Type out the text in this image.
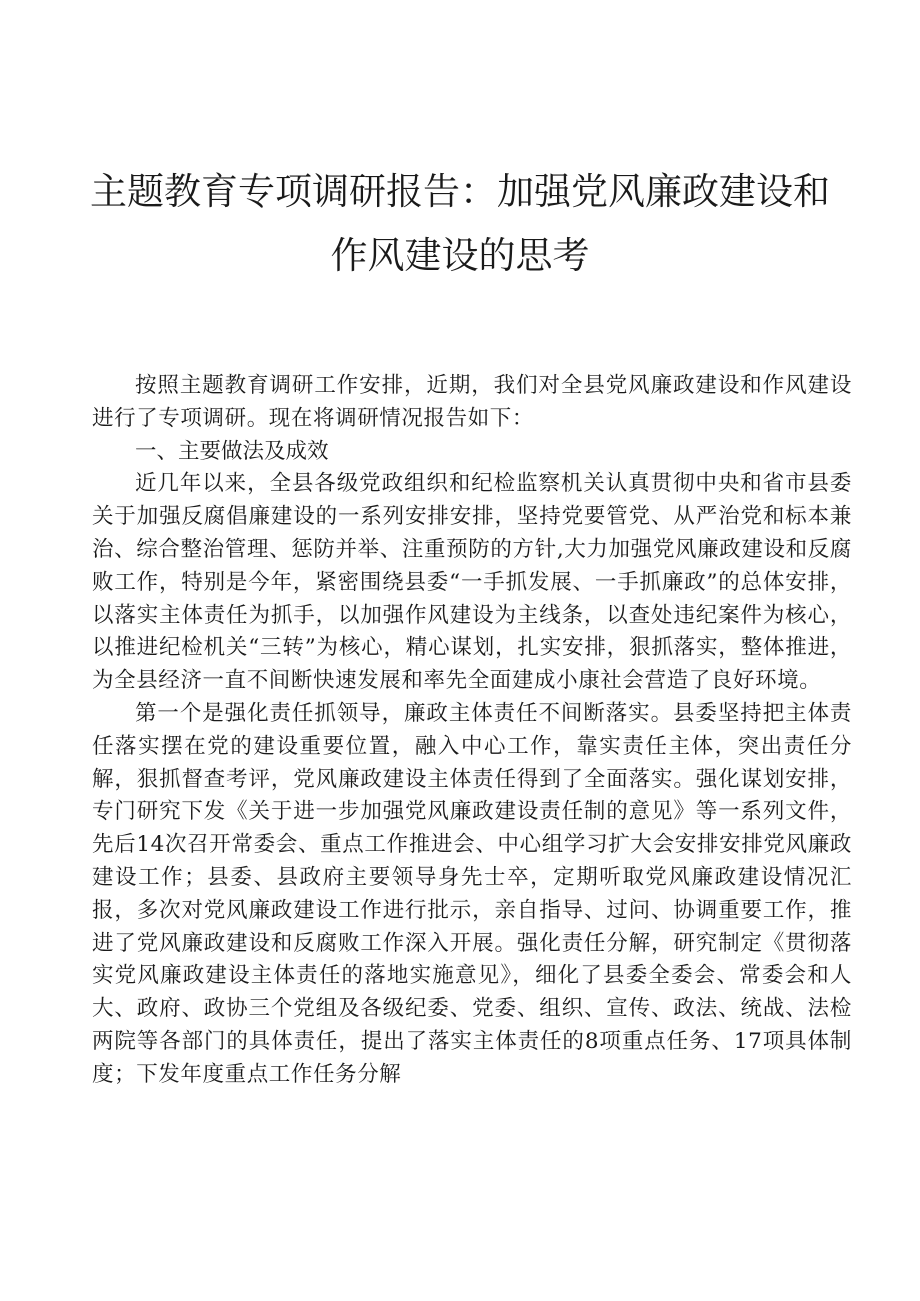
主题教育专项调研报告：加强党风廉政建设和作风建设的思考

按照主题教育调研工作安排，近期，我们对全县党风廉政建设和作风建设进行了专项调研。现在将调研情况报告如下：

一、主要做法及成效

近几年以来，全县各级党政组织和纪检监察机关认真贯彻中央和省市县委关于加强反腐倡廉建设的一系列安排安排，坚持党要管党、从严治党和标本兼治、综合整治管理、惩防并举、注重预防的方针,大力加强党风廉政建设和反腐败工作，特别是今年，紧密围绕县委“一手抓发展、一手抓廉政”的总体安排，以落实主体责任为抓手，以加强作风建设为主线条，以查处违纪案件为核心，以推进纪检机关“三转”为核心，精心谋划，扎实安排，狠抓落实，整体推进，为全县经济一直不间断快速发展和率先全面建成小康社会营造了良好环境。

第一个是强化责任抓领导，廉政主体责任不间断落实。县委坚持把主体责任落实摆在党的建设重要位置，融入中心工作，靠实责任主体，突出责任分解，狠抓督查考评，党风廉政建设主体责任得到了全面落实。强化谋划安排，专门研究下发《关于进一步加强党风廉政建设责任制的意见》等一系列文件，先后14次召开常委会、重点工作推进会、中心组学习扩大会安排安排党风廉政建设工作；县委、县政府主要领导身先士卒，定期听取党风廉政建设情况汇报，多次对党风廉政建设工作进行批示，亲自指导、过问、协调重要工作，推进了党风廉政建设和反腐败工作深入开展。强化责任分解，研究制定《贯彻落实党风廉政建设主体责任的落地实施意见》，细化了县委全委会、常委会和人大、政府、政协三个党组及各级纪委、党委、组织、宣传、政法、统战、法检两院等各部门的具体责任，提出了落实主体责任的8项重点任务、17项具体制度；下发年度重点工作任务分解
